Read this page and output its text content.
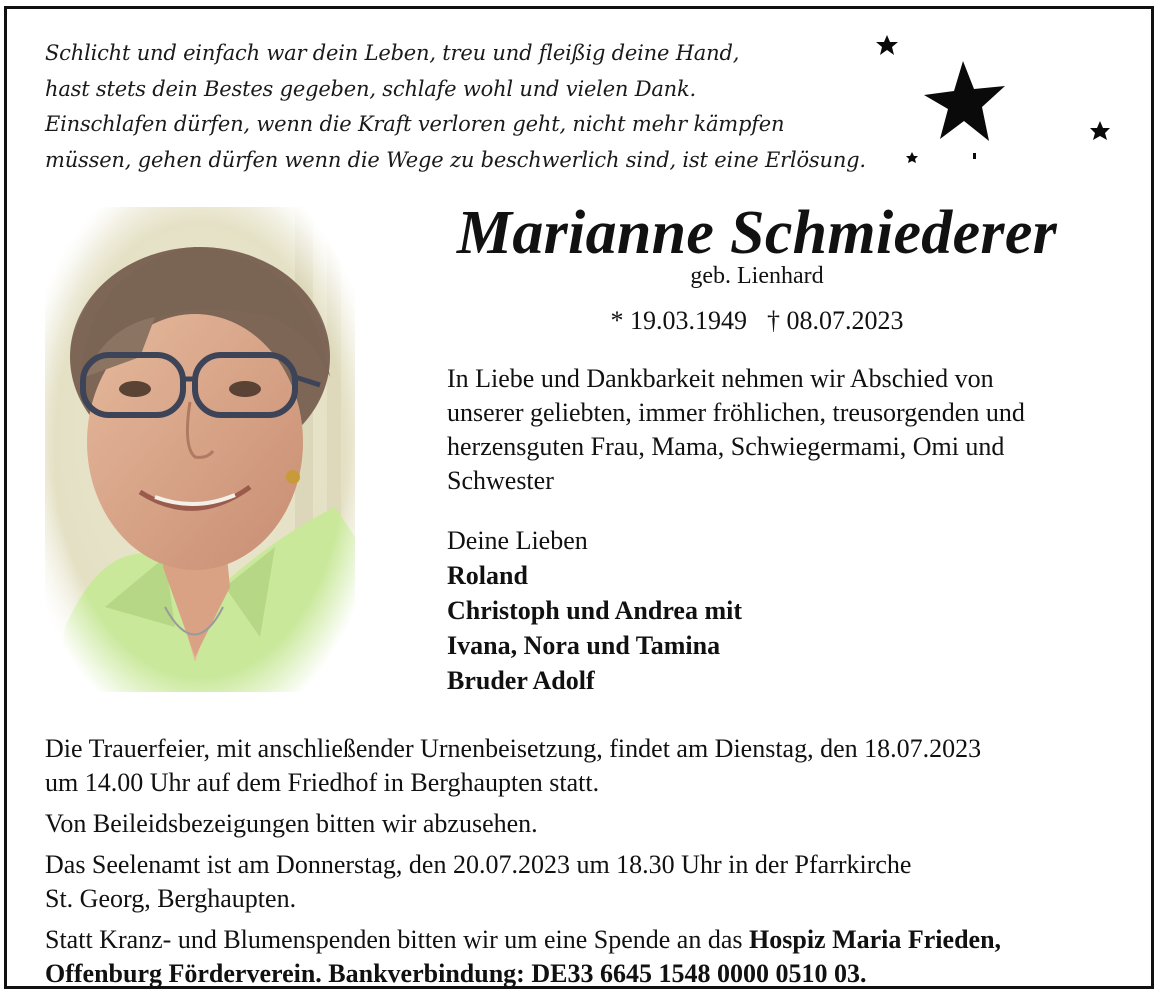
Schlicht und einfach war dein Leben, treu und fleißig deine Hand,
hast stets dein Bestes gegeben, schlafe wohl und vielen Dank.
Einschlafen dürfen, wenn die Kraft verloren geht, nicht mehr kämpfen
müssen, gehen dürfen wenn die Wege zu beschwerlich sind, ist eine Erlösung.
Marianne Schmiederer
geb. Lienhard
* 19.03.1949 † 08.07.2023
In Liebe und Dankbarkeit nehmen wir Abschied von
unserer geliebten, immer fröhlichen, treusorgenden und
herzensguten Frau, Mama, Schwiegermami, Omi und
Schwester
Deine Lieben
Roland
Christoph und Andrea mit
Ivana, Nora und Tamina
Bruder Adolf

Die Trauerfeier, mit anschließender Urnenbeisetzung, findet am Dienstag, den 18.07.2023
um 14.00 Uhr auf dem Friedhof in Berghaupten statt.

Von Beileidsbezeigungen bitten wir abzusehen.

Das Seelenamt ist am Donnerstag, den 20.07.2023 um 18.30 Uhr in der Pfarrkirche
St. Georg, Berghaupten.

Statt Kranz- und Blumenspenden bitten wir um eine Spende an das Hospiz Maria Frieden,
Offenburg Förderverein. Bankverbindung: DE33 6645 1548 0000 0510 03.
